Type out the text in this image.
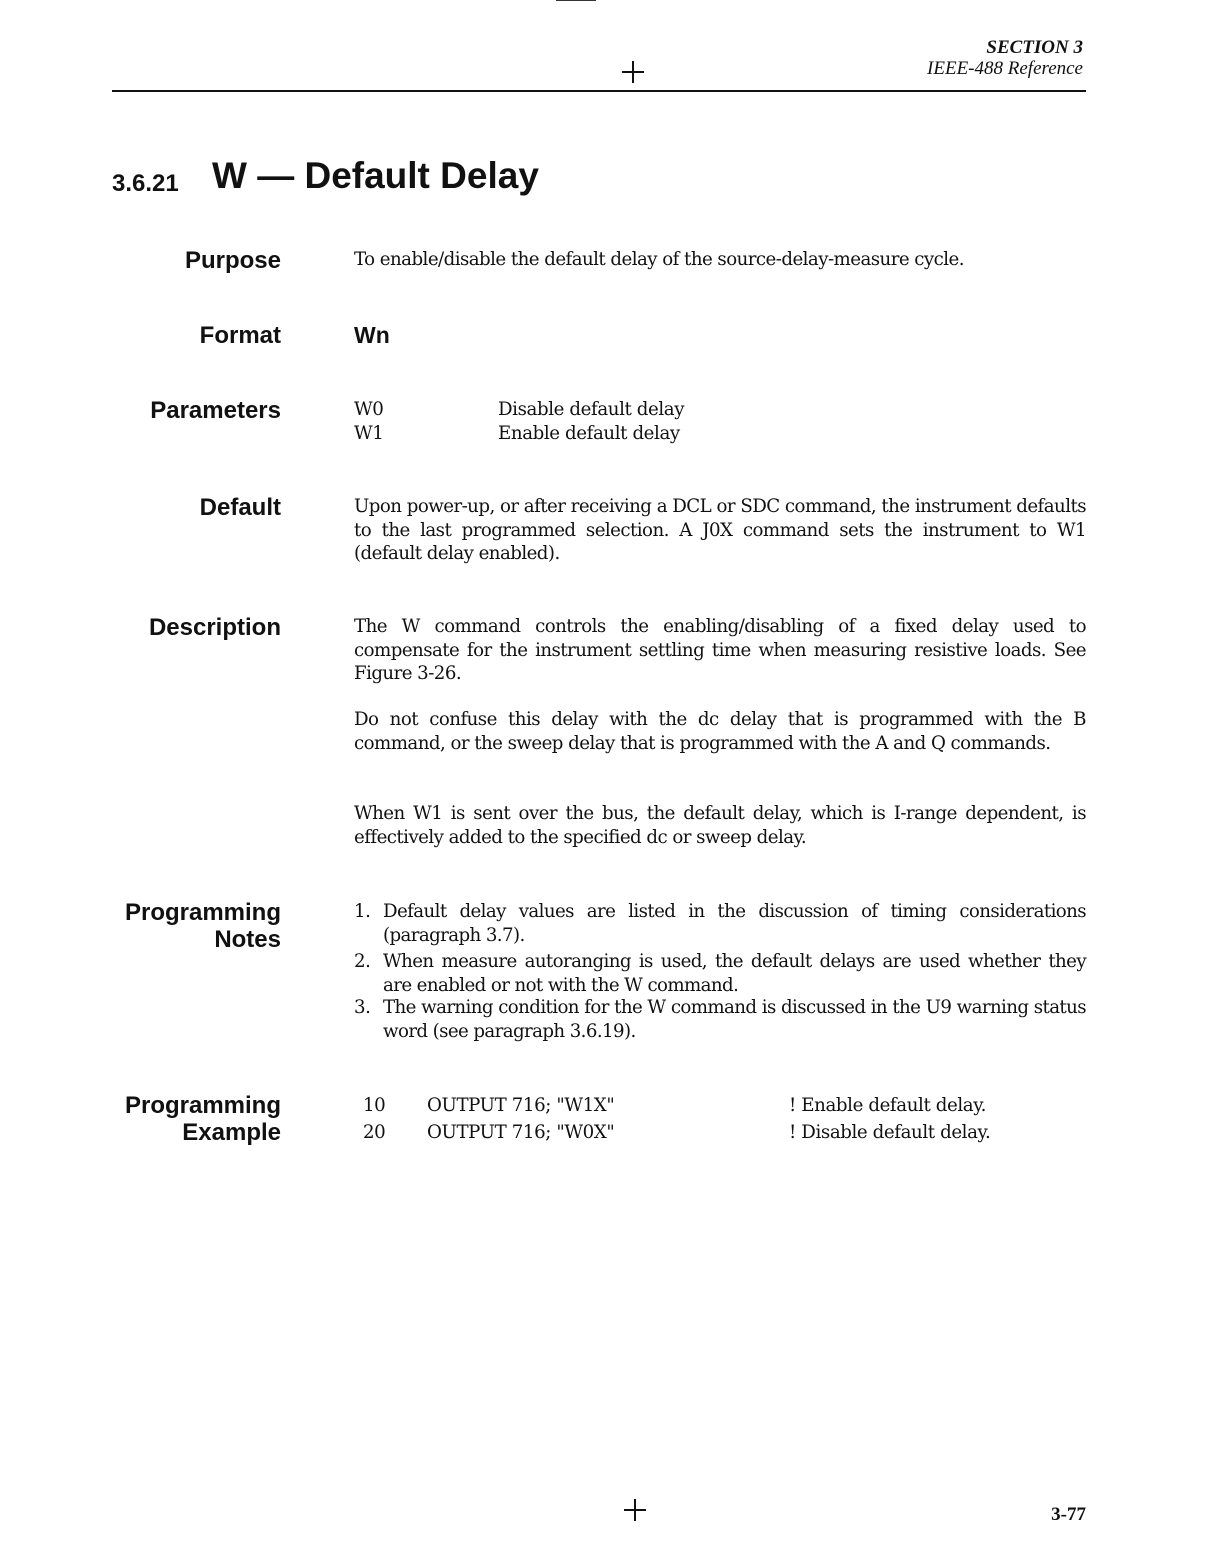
SECTION 3
IEEE-488 Reference
3.6.21 W — Default Delay
Purpose	To enable/disable the default delay of the source-delay-measure cycle.
Format	Wn
Parameters	W0	Disable default delay
W1	Enable default delay
Default	Upon power-up, or after receiving a DCL or SDC command, the instrument defaults to the last programmed selection. A J0X command sets the instrument to W1 (default delay enabled).
Description	The W command controls the enabling/disabling of a fixed delay used to compensate for the instrument settling time when measuring resistive loads. See Figure 3-26.
Do not confuse this delay with the dc delay that is programmed with the B command, or the sweep delay that is programmed with the A and Q commands.
When W1 is sent over the bus, the default delay, which is I-range dependent, is effectively added to the specified dc or sweep delay.
Programming
Notes
1. Default delay values are listed in the discussion of timing considerations (paragraph 3.7).
2. When measure autoranging is used, the default delays are used whether they are enabled or not with the W command.
3. The warning condition for the W command is discussed in the U9 warning status word (see paragraph 3.6.19).
Programming
Example
10 OUTPUT 716; "W1X"	! Enable default delay.
20 OUTPUT 716; "W0X"	! Disable default delay.
3-77
